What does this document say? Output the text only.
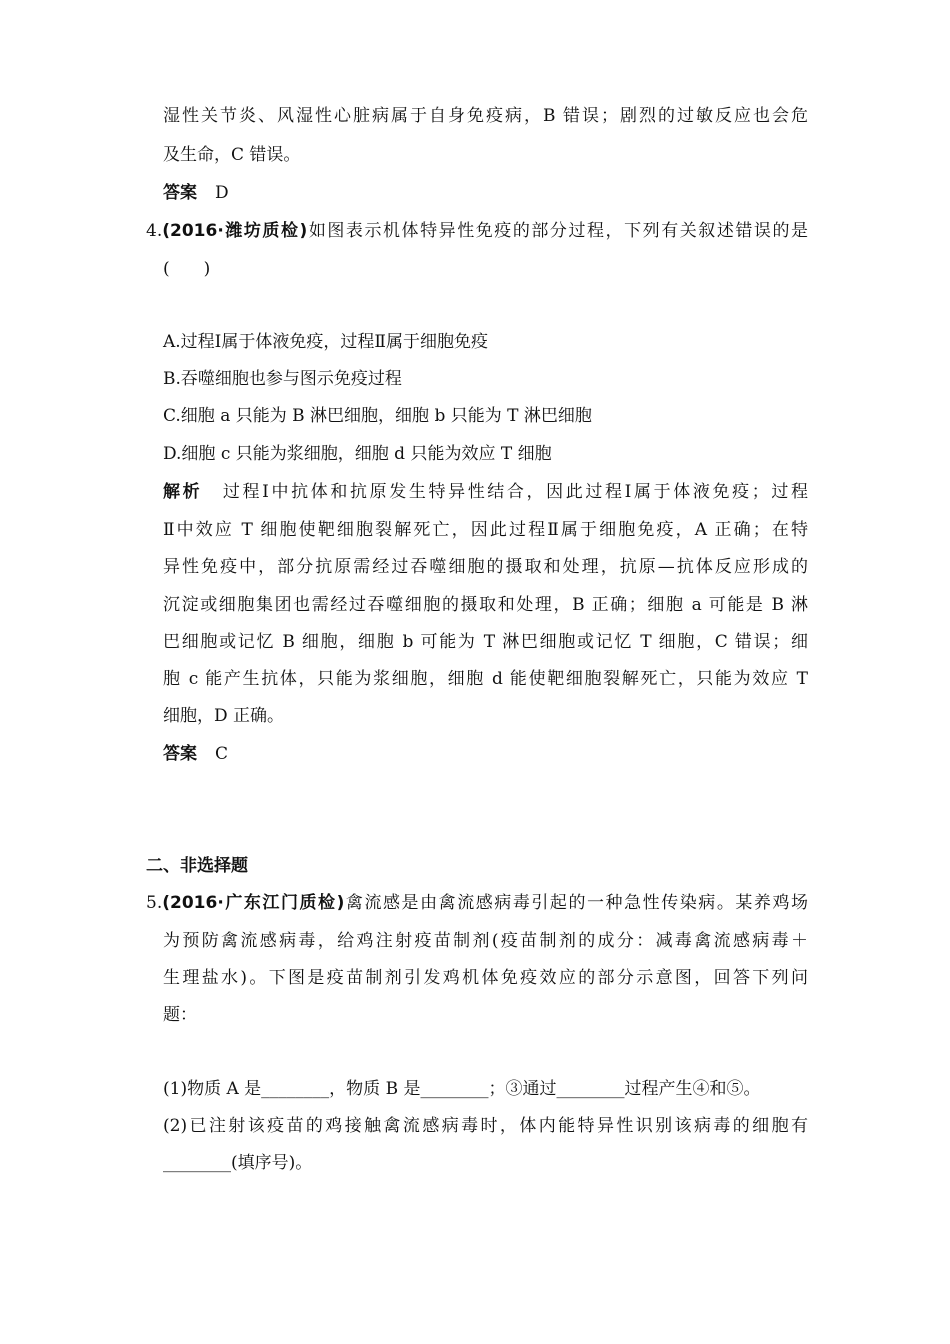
湿性关节炎、风湿性心脏病属于自身免疫病，B 错误；剧烈的过敏反应也会危
及生命，C 错误。
答案 D
4.(2016·潍坊质检)如图表示机体特异性免疫的部分过程，下列有关叙述错误的是
(　　)
A.过程Ⅰ属于体液免疫，过程Ⅱ属于细胞免疫
B.吞噬细胞也参与图示免疫过程
C.细胞 a 只能为 B 淋巴细胞，细胞 b 只能为 T 淋巴细胞
D.细胞 c 只能为浆细胞，细胞 d 只能为效应 T 细胞
解析 过程Ⅰ中抗体和抗原发生特异性结合，因此过程Ⅰ属于体液免疫；过程
Ⅱ中效应 T 细胞使靶细胞裂解死亡，因此过程Ⅱ属于细胞免疫，A 正确；在特
异性免疫中，部分抗原需经过吞噬细胞的摄取和处理，抗原—抗体反应形成的
沉淀或细胞集团也需经过吞噬细胞的摄取和处理，B 正确；细胞 a 可能是 B 淋
巴细胞或记忆 B 细胞，细胞 b 可能为 T 淋巴细胞或记忆 T 细胞，C 错误；细
胞 c 能产生抗体，只能为浆细胞，细胞 d 能使靶细胞裂解死亡，只能为效应 T
细胞，D 正确。
答案 C
二、非选择题
5.(2016·广东江门质检)禽流感是由禽流感病毒引起的一种急性传染病。某养鸡场
为预防禽流感病毒，给鸡注射疫苗制剂(疫苗制剂的成分：减毒禽流感病毒＋
生理盐水)。下图是疫苗制剂引发鸡机体免疫效应的部分示意图，回答下列问
题：
(1)物质 A 是________，物质 B 是________；③通过________过程产生④和⑤。
(2)已注射该疫苗的鸡接触禽流感病毒时，体内能特异性识别该病毒的细胞有
________(填序号)。
